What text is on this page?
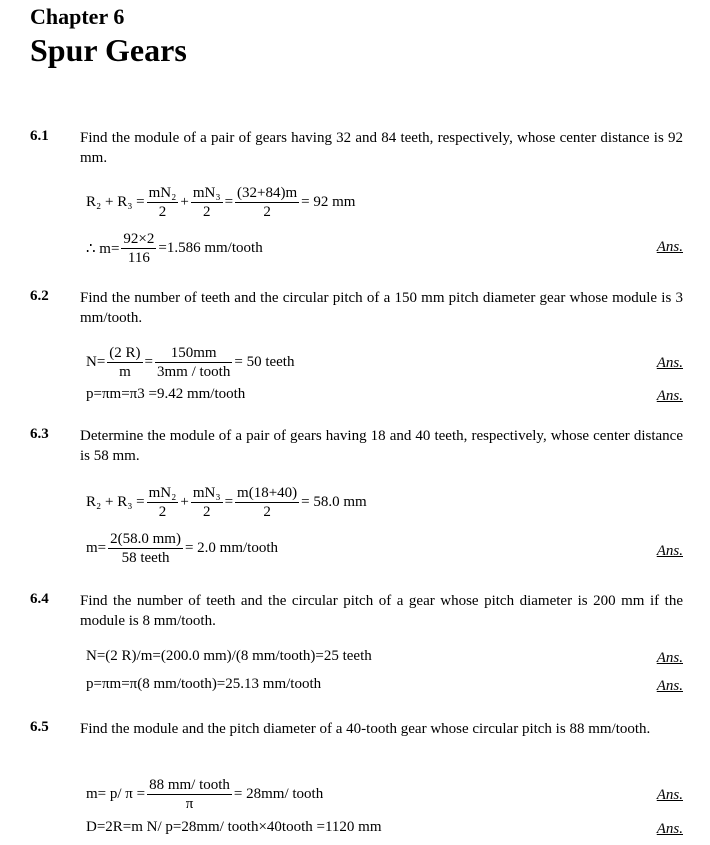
Chapter 6
Spur Gears
6.1 Find the module of a pair of gears having 32 and 84 teeth, respectively, whose center distance is 92 mm.
$R_2 + R_3 = \frac{\text{mN₂}}{2} + \frac{\text{mN₃}}{2} = \frac{(32+84)m}{2} = 92$ mm
∴ $m= \frac{92\times 2}{116} =1.586$ mm/tooth	Ans.
6.2 Find the number of teeth and the circular pitch of a 150 mm pitch diameter gear whose module is 3 mm/tooth.
$N= \frac{(2 R)}{m} = \frac{150mm}{\text{3mm / tooth}} = 50$ teeth	Ans.
p=πm=π3 =9.42 mm/tooth	Ans.
6.3 Determine the module of a pair of gears having 18 and 40 teeth, respectively, whose center distance is 58 mm.
$R_2 + R_3 = \frac{\text{mN₂}}{2} + \frac{\text{mN₃}}{2} = \frac{m(18+40)}{2} = 58.0$ mm
$m= \frac{2(58.0 mm)}{\text{58 teeth}} = 2.0$ mm/tooth	Ans.
6.4 Find the number of teeth and the circular pitch of a gear whose pitch diameter is 200 mm if the module is 8 mm/tooth.
N=(2 R)/m=(200.0 mm)/(8 mm/tooth)=25 teeth	Ans.
p=πm=π(8 mm/tooth)=25.13 mm/tooth	Ans.
6.5 Find the module and the pitch diameter of a 40-tooth gear whose circular pitch is 88 mm/tooth.
m= p/ $\pi = \frac{\text{88 mm/ tooth}}{\pi} = 28mm/$ tooth	Ans.
D=2R=m N/ p=28mm/ tooth×40tooth =1120 mm	Ans.
